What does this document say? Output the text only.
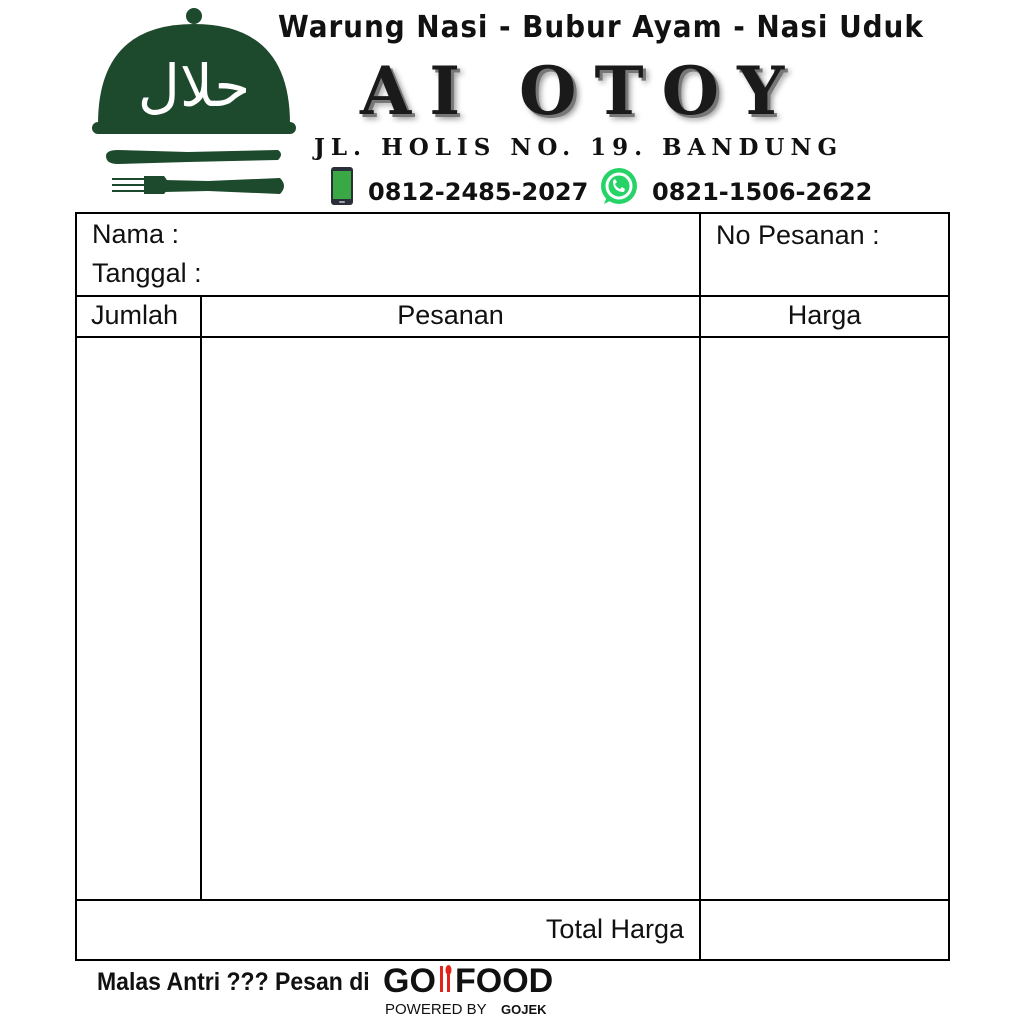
حلال
Warung Nasi - Bubur Ayam - Nasi Uduk
AI OTOY
JL. HOLIS NO. 19. BANDUNG
0812-2485-2027	0821-1506-2622
Nama :
Tanggal :
No Pesanan :
Jumlah	Pesanan	Harga
Total Harga
Malas Antri ??? Pesan di GO FOOD
POWERED BY GOJEK
